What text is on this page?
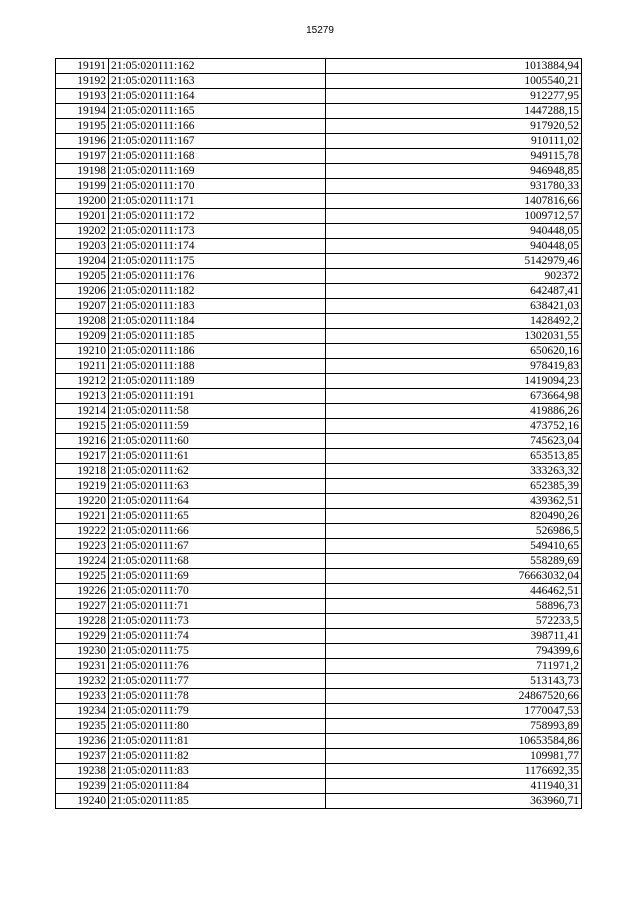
15279
19191	21:05:020111:162	1013884,94
19192	21:05:020111:163	1005540,21
19193	21:05:020111:164	912277,95
19194	21:05:020111:165	1447288,15
19195	21:05:020111:166	917920,52
19196	21:05:020111:167	910111,02
19197	21:05:020111:168	949115,78
19198	21:05:020111:169	946948,85
19199	21:05:020111:170	931780,33
19200	21:05:020111:171	1407816,66
19201	21:05:020111:172	1009712,57
19202	21:05:020111:173	940448,05
19203	21:05:020111:174	940448,05
19204	21:05:020111:175	5142979,46
19205	21:05:020111:176	902372
19206	21:05:020111:182	642487,41
19207	21:05:020111:183	638421,03
19208	21:05:020111:184	1428492,2
19209	21:05:020111:185	1302031,55
19210	21:05:020111:186	650620,16
19211	21:05:020111:188	978419,83
19212	21:05:020111:189	1419094,23
19213	21:05:020111:191	673664,98
19214	21:05:020111:58	419886,26
19215	21:05:020111:59	473752,16
19216	21:05:020111:60	745623,04
19217	21:05:020111:61	653513,85
19218	21:05:020111:62	333263,32
19219	21:05:020111:63	652385,39
19220	21:05:020111:64	439362,51
19221	21:05:020111:65	820490,26
19222	21:05:020111:66	526986,5
19223	21:05:020111:67	549410,65
19224	21:05:020111:68	558289,69
19225	21:05:020111:69	76663032,04
19226	21:05:020111:70	446462,51
19227	21:05:020111:71	58896,73
19228	21:05:020111:73	572233,5
19229	21:05:020111:74	398711,41
19230	21:05:020111:75	794399,6
19231	21:05:020111:76	711971,2
19232	21:05:020111:77	513143,73
19233	21:05:020111:78	24867520,66
19234	21:05:020111:79	1770047,53
19235	21:05:020111:80	758993,89
19236	21:05:020111:81	10653584,86
19237	21:05:020111:82	109981,77
19238	21:05:020111:83	1176692,35
19239	21:05:020111:84	411940,31
19240	21:05:020111:85	363960,71
